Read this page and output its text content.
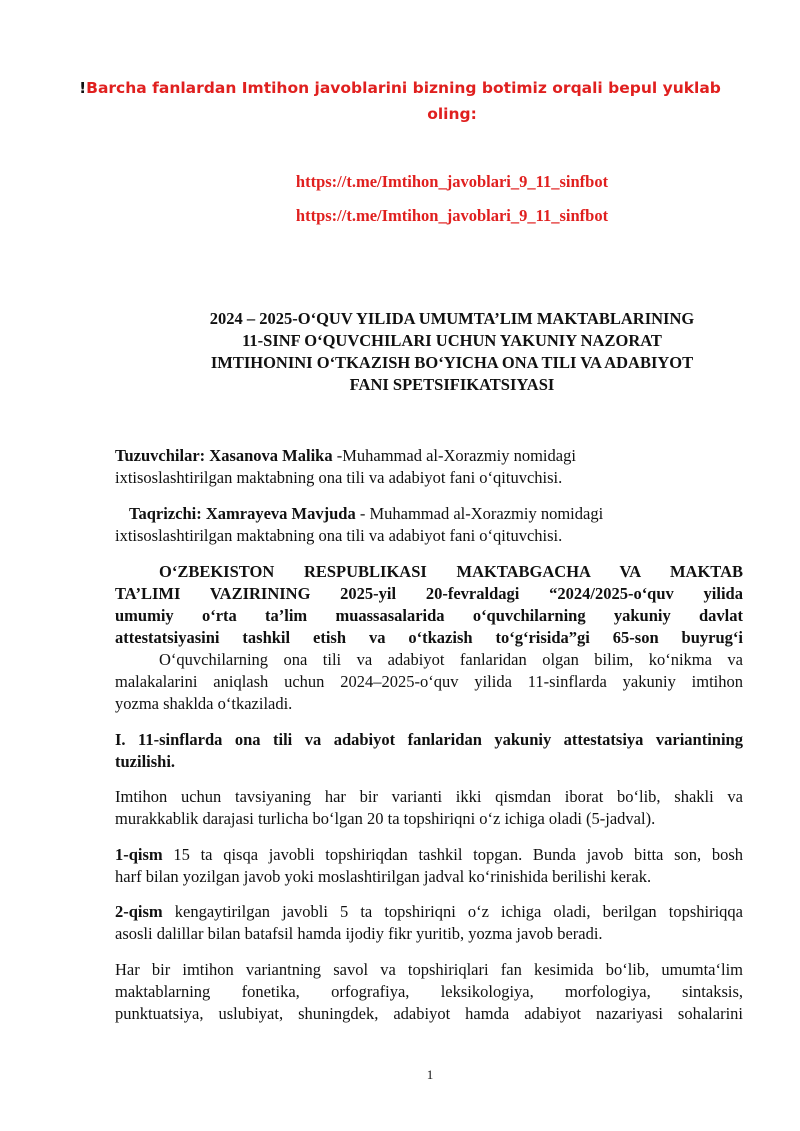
!Barcha fanlardan Imtihon javoblarini bizning botimiz orqali bepul yuklab
oling:
https://t.me/Imtihon_javoblari_9_11_sinfbot
https://t.me/Imtihon_javoblari_9_11_sinfbot
2024 – 2025-O‘QUV YILIDA UMUMTA’LIM MAKTABLARINING
11-SINF O‘QUVCHILARI UCHUN YAKUNIY NAZORAT
IMTIHONINI O‘TKAZISH BO‘YICHA ONA TILI VA ADABIYOT
FANI SPETSIFIKATSIYASI
Tuzuvchilar: Xasanova Malika -Muhammad al-Xorazmiy nomidagi
ixtisoslashtirilgan maktabning ona tili va adabiyot fani o‘qituvchisi.
Taqrizchi: Xamrayeva Mavjuda - Muhammad al-Xorazmiy nomidagi
ixtisoslashtirilgan maktabning ona tili va adabiyot fani o‘qituvchisi.
O‘ZBEKISTON RESPUBLIKASI MAKTABGACHA VA MAKTAB
TA’LIMI VAZIRINING 2025-yil 20-fevraldagi “2024/2025-o‘quv yilida
umumiy o‘rta ta’lim muassasalarida o‘quvchilarning yakuniy davlat
attestatsiyasini tashkil etish va o‘tkazish to‘g‘risida”gi 65-son buyrug‘i
O‘quvchilarning ona tili va adabiyot fanlaridan olgan bilim, ko‘nikma va
malakalarini aniqlash uchun 2024–2025-o‘quv yilida 11-sinflarda yakuniy imtihon
yozma shaklda o‘tkaziladi.
I. 11-sinflarda ona tili va adabiyot fanlaridan yakuniy attestatsiya variantining
tuzilishi.
Imtihon uchun tavsiyaning har bir varianti ikki qismdan iborat bo‘lib, shakli va
murakkablik darajasi turlicha bo‘lgan 20 ta topshiriqni o‘z ichiga oladi (5-jadval).
1-qism 15 ta qisqa javobli topshiriqdan tashkil topgan. Bunda javob bitta son, bosh
harf bilan yozilgan javob yoki moslashtirilgan jadval ko‘rinishida berilishi kerak.
2-qism kengaytirilgan javobli 5 ta topshiriqni o‘z ichiga oladi, berilgan topshiriqqa
asosli dalillar bilan batafsil hamda ijodiy fikr yuritib, yozma javob beradi.
Har bir imtihon variantning savol va topshiriqlari fan kesimida bo‘lib, umumta‘lim
maktablarning fonetika, orfografiya, leksikologiya, morfologiya, sintaksis,
punktuatsiya, uslubiyat, shuningdek, adabiyot hamda adabiyot nazariyasi sohalarini
1
